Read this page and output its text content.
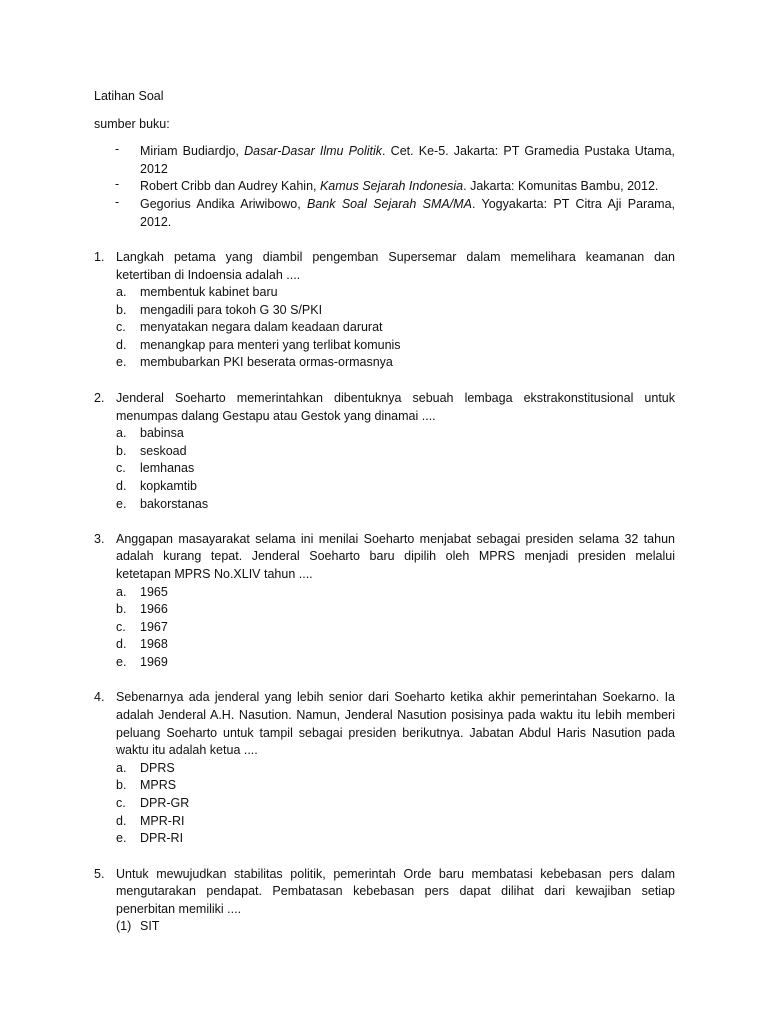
Latihan Soal
sumber buku:
- Miriam Budiardjo, Dasar-Dasar Ilmu Politik. Cet. Ke-5. Jakarta: PT Gramedia Pustaka Utama,
2012
- Robert Cribb dan Audrey Kahin, Kamus Sejarah Indonesia. Jakarta: Komunitas Bambu, 2012.
- Gegorius Andika Ariwibowo, Bank Soal Sejarah SMA/MA. Yogyakarta: PT Citra Aji Parama,
2012.
1. Langkah petama yang diambil pengemban Supersemar dalam memelihara keamanan dan
ketertiban di Indoensia adalah ....
a. membentuk kabinet baru
b. mengadili para tokoh G 30 S/PKI
c. menyatakan negara dalam keadaan darurat
d. menangkap para menteri yang terlibat komunis
e. membubarkan PKI beserata ormas-ormasnya
2. Jenderal Soeharto memerintahkan dibentuknya sebuah lembaga ekstrakonstitusional untuk
menumpas dalang Gestapu atau Gestok yang dinamai ....
a. babinsa
b. seskoad
c. lemhanas
d. kopkamtib
e. bakorstanas
3. Anggapan masayarakat selama ini menilai Soeharto menjabat sebagai presiden selama 32 tahun
adalah kurang tepat. Jenderal Soeharto baru dipilih oleh MPRS menjadi presiden melalui
ketetapan MPRS No.XLIV tahun ....
a. 1965
b. 1966
c. 1967
d. 1968
e. 1969
4. Sebenarnya ada jenderal yang lebih senior dari Soeharto ketika akhir pemerintahan Soekarno. Ia
adalah Jenderal A.H. Nasution. Namun, Jenderal Nasution posisinya pada waktu itu lebih memberi
peluang Soeharto untuk tampil sebagai presiden berikutnya. Jabatan Abdul Haris Nasution pada
waktu itu adalah ketua ....
a. DPRS
b. MPRS
c. DPR-GR
d. MPR-RI
e. DPR-RI
5. Untuk mewujudkan stabilitas politik, pemerintah Orde baru membatasi kebebasan pers dalam
mengutarakan pendapat. Pembatasan kebebasan pers dapat dilihat dari kewajiban setiap
penerbitan memiliki ....
(1) SIT
